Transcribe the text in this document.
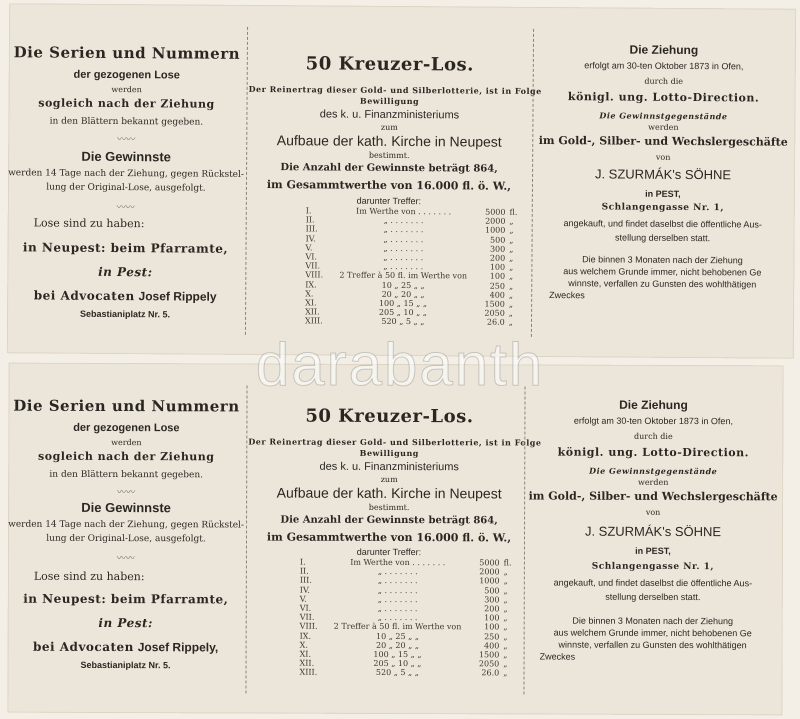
Die Serien und Nummern
der gezogenen Lose
werden
sogleich nach der Ziehung
in den Blättern bekannt gegeben.
〰〰
Die Gewinnste
werden 14 Tage nach der Ziehung, gegen Rückstel-
lung der Original-Lose, ausgefolgt.
〰〰
Lose sind zu haben:
in Neupest: beim Pfarramte,
in Pest:
bei Advocaten Josef Rippely
Sebastianiplatz Nr. 5.
50 Kreuzer-Los.
Der Reinertrag dieser Gold- und Silberlotterie, ist in Folge
Bewilligung
des k. u. Finanzministeriums
zum
Aufbaue der kath. Kirche in Neupest
bestimmt.
Die Anzahl der Gewinnste beträgt 864,
im Gesammtwerthe von 16.000 fl. ö. W.,
darunter Treffer:
I.	Im Werthe von . . . . . . .	5000	fl.
II.	„ . . . . . . .	2000	„
III.	„ . . . . . . .	1000	„
IV.	„ . . . . . . .	500	„
V.	„ . . . . . . .	300	„
VI.	„ . . . . . . .	200	„
VII.	„ . . . . . . .	100	„
VIII.	2 Treffer à 50 fl. im Werthe von	100	„
IX.	10 „ 25 „ „	250	„
X.	20 „ 20 „ „	400	„
XI.	100 „ 15 „ „	1500	„
XII.	205 „ 10 „ „	2050	„
XIII.	520 „ 5 „ „	26.0	„
Die Ziehung
erfolgt am 30-ten Oktober 1873 in Ofen,
durch die
königl. ung. Lotto-Direction.
Die Gewinnstgegenstände
werden
im Gold-, Silber- und Wechslergeschäfte
von
J. SZURMÁK's SÖHNE
in PEST,
Schlangengasse Nr. 1,
angekauft, und findet daselbst die öffentliche Aus-
stellung derselben statt.
Die binnen 3 Monaten nach der Ziehung
aus welchem Grunde immer, nicht behobenen Ge
winnste, verfallen zu Gunsten des wohlthätigen
Zweckes
Die Serien und Nummern
der gezogenen Lose
werden
sogleich nach der Ziehung
in den Blättern bekannt gegeben.
〰〰
Die Gewinnste
werden 14 Tage nach der Ziehung, gegen Rückstel-
lung der Original-Lose, ausgefolgt.
〰〰
Lose sind zu haben:
in Neupest: beim Pfarramte,
in Pest:
bei Advocaten Josef Rippely,
Sebastianiplatz Nr. 5.
50 Kreuzer-Los.
Der Reinertrag dieser Gold- und Silberlotterie, ist in Folge
Bewilligung
des k. u. Finanzministeriums
zum
Aufbaue der kath. Kirche in Neupest
bestimmt.
Die Anzahl der Gewinnste beträgt 864,
im Gesammtwerthe von 16.000 fl. ö. W.,
darunter Treffer:
I.	Im Werthe von . . . . . . .	5000	fl.
II.	„ . . . . . . .	2000	„
III.	„ . . . . . . .	1000	„
IV.	„ . . . . . . .	500	„
V.	„ . . . . . . .	300	„
VI.	„ . . . . . . .	200	„
VII.	„ . . . . . . .	100	„
VIII.	2 Treffer à 50 fl. im Werthe von	100	„
IX.	10 „ 25 „ „	250	„
X.	20 „ 20 „ „	400	„
XI.	100 „ 15 „ „	1500	„
XII.	205 „ 10 „ „	2050	„
XIII.	520 „ 5 „ „	26.0	„
Die Ziehung
erfolgt am 30-ten Oktober 1873 in Ofen,
durch die
königl. ung. Lotto-Direction.
Die Gewinnstgegenstände
werden
im Gold-, Silber- und Wechslergeschäfte
von
J. SZURMÁK's SÖHNE
in PEST,
Schlangengasse Nr. 1,
angekauft, und findet daselbst die öffentliche Aus-
stellung derselben statt.
Die binnen 3 Monaten nach der Ziehung
aus welchem Grunde immer, nicht behobenen Ge
winnste, verfallen zu Gunsten des wohlthätigen
Zweckes
darabanth
